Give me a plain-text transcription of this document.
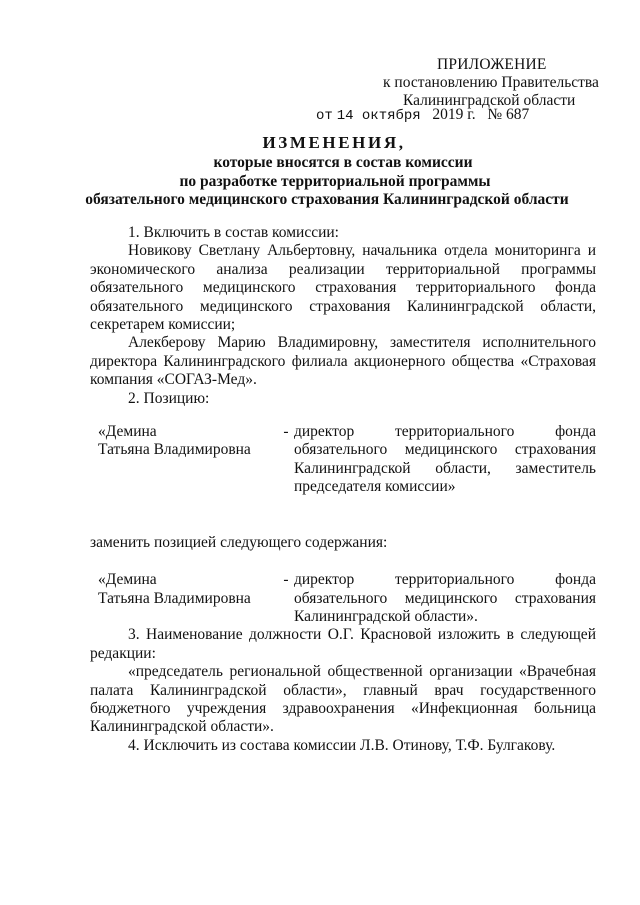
ПРИЛОЖЕНИЕ
к постановлению Правительства
Калининградской области
от 14 октября 2019 г. № 687
ИЗМЕНЕНИЯ,
которые вносятся в состав комиссии
по разработке территориальной программы
обязательного медицинского страхования Калининградской области
1. Включить в состав комиссии:
Новикову Светлану Альбертовну, начальника отдела мониторинга и экономического анализа реализации территориальной программы обязательного медицинского страхования территориального фонда обязательного медицинского страхования Калининградской области, секретарем комиссии;
Алекберову Марию Владимировну, заместителя исполнительного директора Калининградского филиала акционерного общества «Страховая компания «СОГАЗ-Мед».
2. Позицию:
«Демина
Татьяна Владимировна
- директор территориального фонда обязательного медицинского страхования Калининградской области, заместитель председателя комиссии»
заменить позицией следующего содержания:
«Демина
Татьяна Владимировна
- директор территориального фонда обязательного медицинского страхования Калининградской области».
3. Наименование должности О.Г. Красновой изложить в следующей редакции:
«председатель региональной общественной организации «Врачебная палата Калининградской области», главный врач государственного бюджетного учреждения здравоохранения «Инфекционная больница Калининградской области».
4. Исключить из состава комиссии Л.В. Отинову, Т.Ф. Булгакову.
